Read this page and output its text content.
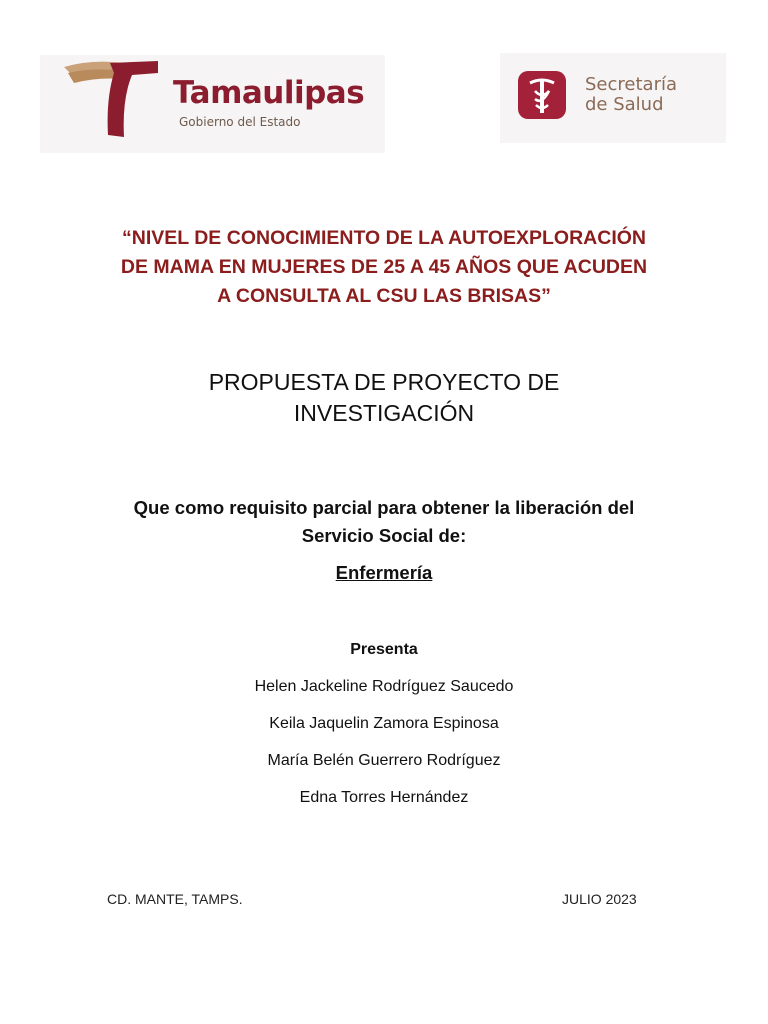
Tamaulipas
Gobierno del Estado
Secretaría
de Salud
“NIVEL DE CONOCIMIENTO DE LA AUTOEXPLORACIÓN
DE MAMA EN MUJERES DE 25 A 45 AÑOS QUE ACUDEN
A CONSULTA AL CSU LAS BRISAS”
PROPUESTA DE PROYECTO DE
INVESTIGACIÓN
Que como requisito parcial para obtener la liberación del
Servicio Social de:
Enfermería
Presenta
Helen Jackeline Rodríguez Saucedo
Keila Jaquelin Zamora Espinosa
María Belén Guerrero Rodríguez
Edna Torres Hernández
CD. MANTE, TAMPS.	JULIO 2023
